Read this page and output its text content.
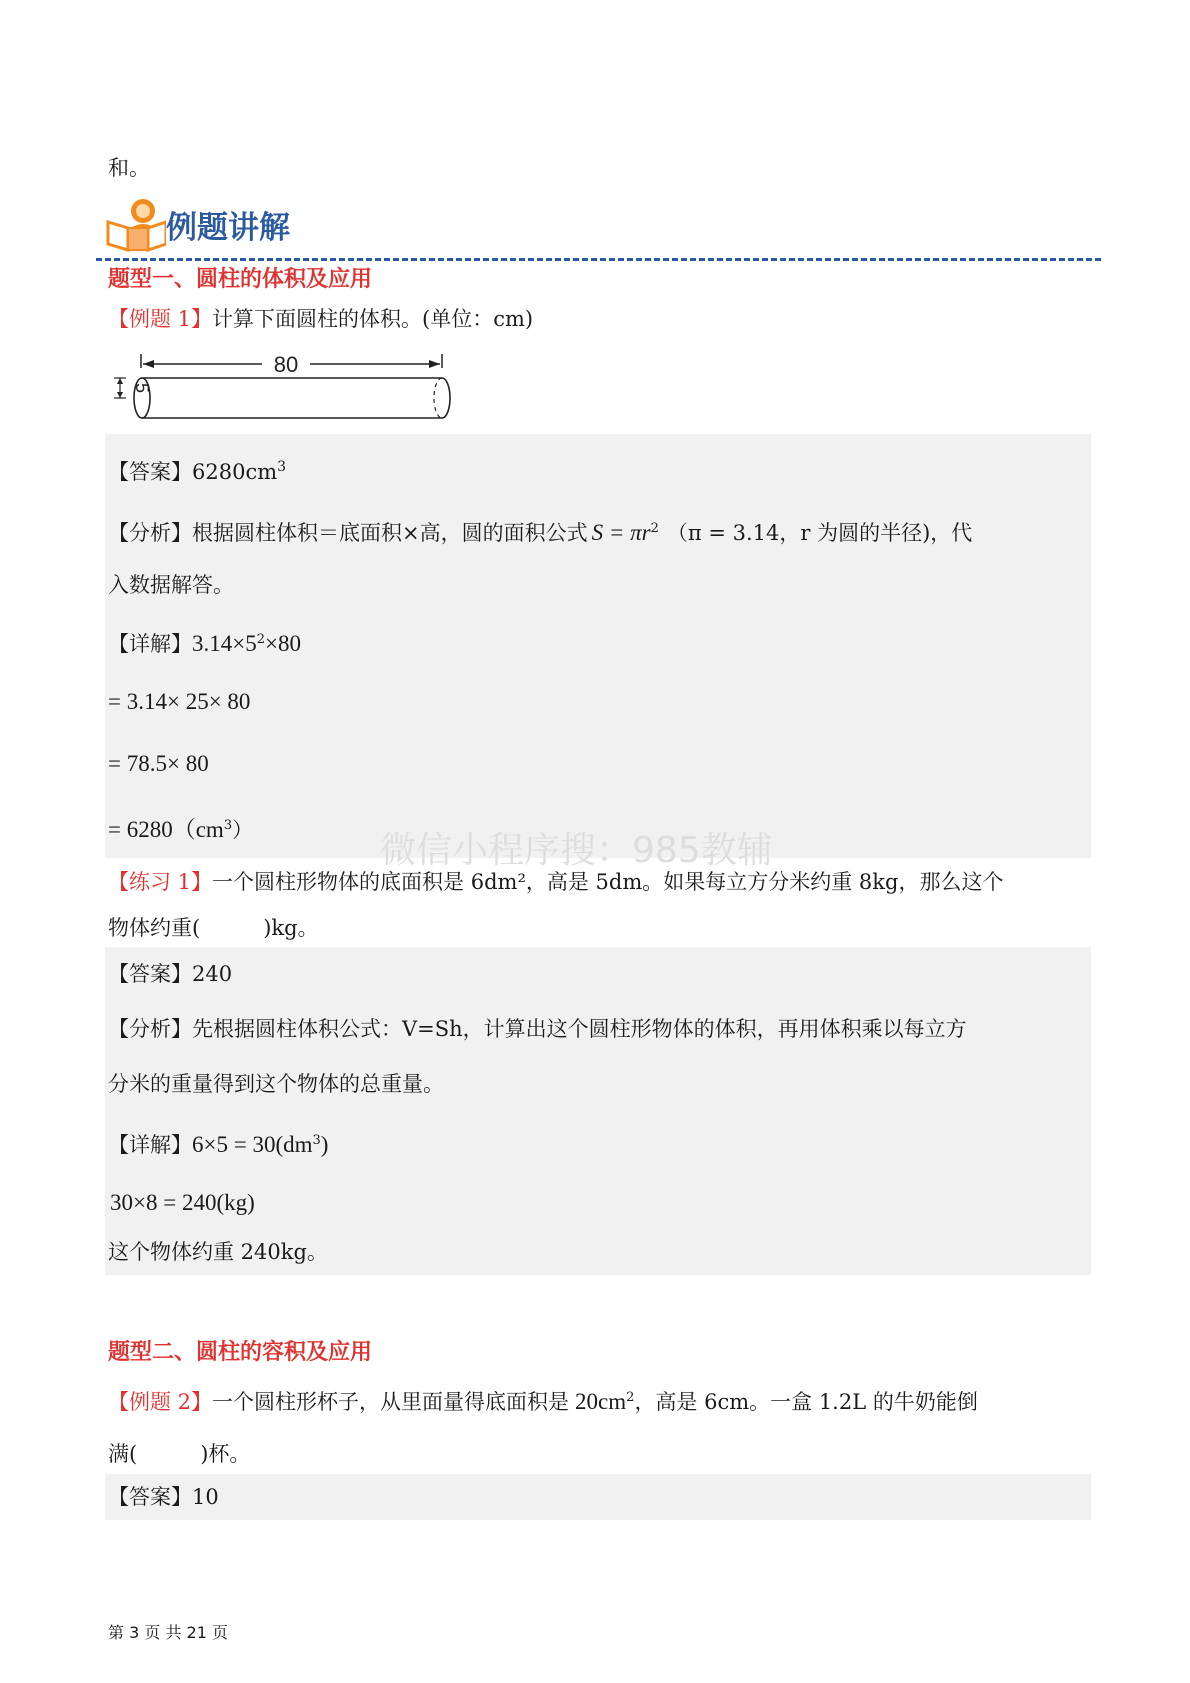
和。
例题讲解
题型一、圆柱的体积及应用
【例题 1】计算下面圆柱的体积。(单位：cm)
80
5
【答案】$6280cm^3$
【分析】根据圆柱体积＝底面积×高，圆的面积公式 $S = \pi r^2$ （π = 3.14，r 为圆的半径)，代
入数据解答。
【详解】$3.14\times 5^2\times 80$
= 3.14× 25× 80
= 78.5× 80
= $6280(cm^3)$	微信小程序搜：985教辅
【练习 1】一个圆柱形物体的底面积是 6dm²，高是 5dm。如果每立方分米约重 8kg，那么这个
物体约重(　　　)kg。
【答案】240
【分析】先根据圆柱体积公式：V=Sh，计算出这个圆柱形物体的体积，再用体积乘以每立方
分米的重量得到这个物体的总重量。
【详解】$6\times 5 = 30(dm^3)$
30×8 = 240(kg)
这个物体约重 240kg。
题型二、圆柱的容积及应用
【例题 2】一个圆柱形杯子，从里面量得底面积是 $20cm^2$，高是 6cm。一盒 1.2L 的牛奶能倒
满(　　　)杯。
【答案】10
第 3 页 共 21 页
